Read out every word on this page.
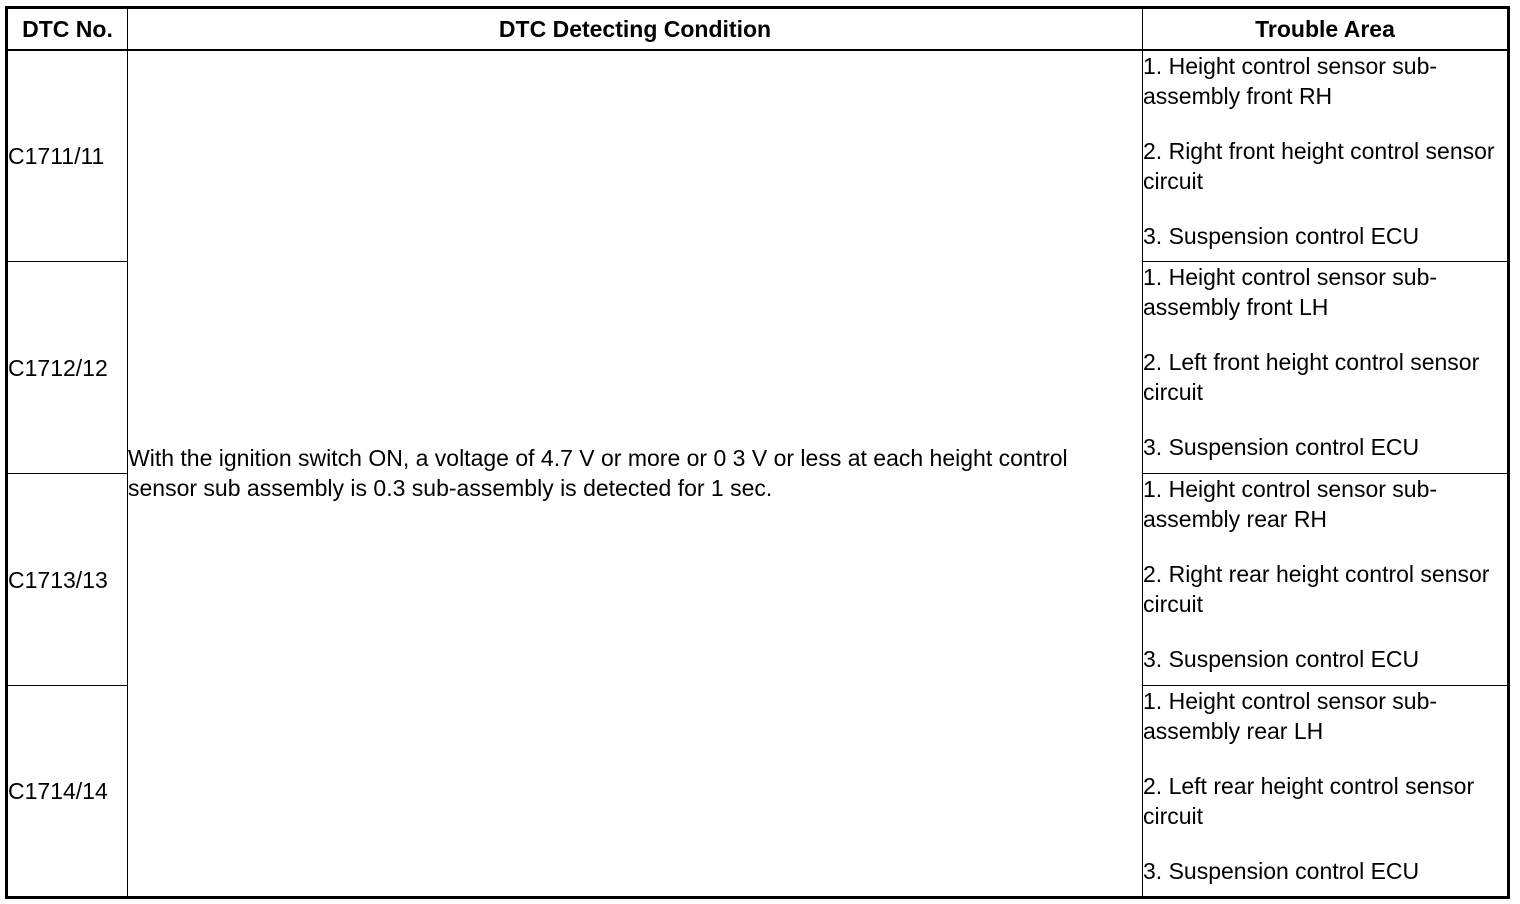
DTC No.	DTC Detecting Condition	Trouble Area
C1711/11	With the ignition switch ON, a voltage of 4.7 V or more or 0 3 V or less at each height control sensor sub assembly is 0.3 sub-assembly is detected for 1 sec.	1. Height control sensor sub-assembly front RH
2. Right front height control sensor circuit
3. Suspension control ECU

C1712/12		1. Height control sensor sub-assembly front LH
2. Left front height control sensor circuit
3. Suspension control ECU

C1713/13		1. Height control sensor sub-assembly rear RH
2. Right rear height control sensor circuit
3. Suspension control ECU

C1714/14		1. Height control sensor sub-assembly rear LH
2. Left rear height control sensor circuit
3. Suspension control ECU
